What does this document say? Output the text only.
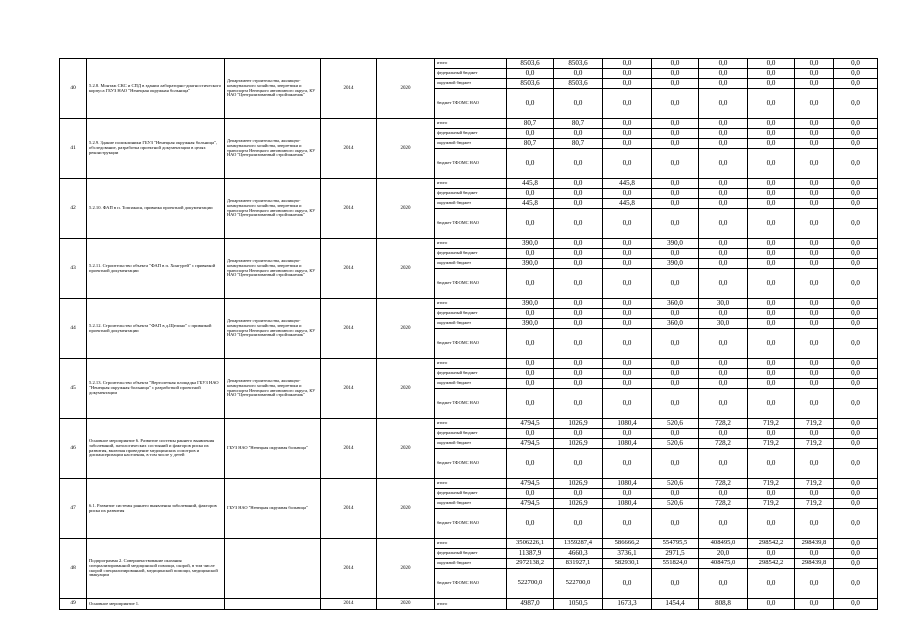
40	5.2.8. Монтаж СКС и СПД в здании лабораторно-диагностического корпуса ГБУЗ НАО "Ненецкая окружная больница"	Департамент строительства, жилищно-коммунального хозяйства, энергетики и транспорта Ненецкого автономного округа, КУ НАО "Централизованный стройзаказчик"	2014	2020	итого	8503,6	8503,6	0,0	0,0	0,0	0,0	0,0	0,0
					федеральный бюджет	0,0	0,0	0,0	0,0	0,0	0,0	0,0	0,0
					окружной бюджет	8503,6	8503,6	0,0	0,0	0,0	0,0	0,0	0,0
					бюджет ТФОМС НАО	0,0	0,0	0,0	0,0	0,0	0,0	0,0	0,0
41	5.2.9. Здание поликлиники ГБУЗ "Ненецкая окружная больница", обследование, разработка проектной документации в целях реконструкции	Департамент строительства, жилищно-коммунального хозяйства, энергетики и транспорта Ненецкого автономного округа, КУ НАО "Централизованный стройзаказчик"	2014	2020	итого	80,7	80,7	0,0	0,0	0,0	0,0	0,0	0,0
					федеральный бюджет	0,0	0,0	0,0	0,0	0,0	0,0	0,0	0,0
					окружной бюджет	80,7	80,7	0,0	0,0	0,0	0,0	0,0	0,0
					бюджет ТФОМС НАО	0,0	0,0	0,0	0,0	0,0	0,0	0,0	0,0
42	5.2.10. ФАП в п. Топпакася, привязка проектной документации	Департамент строительства, жилищно-коммунального хозяйства, энергетики и транспорта Ненецкого автономного округа, КУ НАО "Централизованный стройзаказчик"	2014	2020	итого	445,8	0,0	445,8	0,0	0,0	0,0	0,0	0,0
					федеральный бюджет	0,0	0,0	0,0	0,0	0,0	0,0	0,0	0,0
					окружной бюджет	445,8	0,0	445,8	0,0	0,0	0,0	0,0	0,0
					бюджет ТФОМС НАО	0,0	0,0	0,0	0,0	0,0	0,0	0,0	0,0
43	5.2.11. Строительство объекта "ФАП в п. Хонгурей" с привязкой проектной документации	Департамент строительства, жилищно-коммунального хозяйства, энергетики и транспорта Ненецкого автономного округа, КУ НАО "Централизованный стройзаказчик"	2014	2020	итого	390,0	0,0	0,0	390,0	0,0	0,0	0,0	0,0
					федеральный бюджет	0,0	0,0	0,0	0,0	0,0	0,0	0,0	0,0
					окружной бюджет	390,0	0,0	0,0	390,0	0,0	0,0	0,0	0,0
					бюджет ТФОМС НАО	0,0	0,0	0,0	0,0	0,0	0,0	0,0	0,0
44	5.2.12. Строительство объекта "ФАП в д.Щелино" с привязкой проектной документации	Департамент строительства, жилищно-коммунального хозяйства, энергетики и транспорта Ненецкого автономного округа, КУ НАО "Централизованный стройзаказчик"	2014	2020	итого	390,0	0,0	0,0	360,0	30,0	0,0	0,0	0,0
					федеральный бюджет	0,0	0,0	0,0	0,0	0,0	0,0	0,0	0,0
					окружной бюджет	390,0	0,0	0,0	360,0	30,0	0,0	0,0	0,0
					бюджет ТФОМС НАО	0,0	0,0	0,0	0,0	0,0	0,0	0,0	0,0
45	5.2.13. Строительство объекта "Вертолетная площадка ГБУЗ НАО "Ненецкая окружная больница" с разработкой проектной документации	Департамент строительства, жилищно-коммунального хозяйства, энергетики и транспорта Ненецкого автономного округа, КУ НАО "Централизованный стройзаказчик"	2014	2020	итого	0,0	0,0	0,0	0,0	0,0	0,0	0,0	0,0
					федеральный бюджет	0,0	0,0	0,0	0,0	0,0	0,0	0,0	0,0
					окружной бюджет	0,0	0,0	0,0	0,0	0,0	0,0	0,0	0,0
					бюджет ТФОМС НАО	0,0	0,0	0,0	0,0	0,0	0,0	0,0	0,0
46	Основное мероприятие 6. Развитие системы раннего выявления заболеваний, патологических состояний и факторов риска их развития, включая проведение медицинских осмотров и диспансеризации населения, в том числе у детей	ГБУЗ НАО "Ненецкая окружная больница"	2014	2020	итого	4794,5	1026,9	1080,4	520,6	728,2	719,2	719,2	0,0
					федеральный бюджет	0,0	0,0	0,0	0,0	0,0	0,0	0,0	0,0
					окружной бюджет	4794,5	1026,9	1080,4	520,6	728,2	719,2	719,2	0,0
					бюджет ТФОМС НАО	0,0	0,0	0,0	0,0	0,0	0,0	0,0	0,0
47	6.1. Развитие системы раннего выявления заболеваний, факторов риска их развития	ГБУЗ НАО "Ненецкая окружная больница"	2014	2020	итого	4794,5	1026,9	1080,4	520,6	728,2	719,2	719,2	0,0
					федеральный бюджет	0,0	0,0	0,0	0,0	0,0	0,0	0,0	0,0
					окружной бюджет	4794,5	1026,9	1080,4	520,6	728,2	719,2	719,2	0,0
					бюджет ТФОМС НАО	0,0	0,0	0,0	0,0	0,0	0,0	0,0	0,0
48	Подпрограмма 2. Совершенствование оказания специализированной медицинской помощи, скорой, в том числе скорой специализированной, медицинской помощи, медицинской эвакуации		2014	2020	итого	3506226,1	1359287,4	586666,2	554795,5	408495,0	298542,2	298439,8	0,0
					федеральный бюджет	11387,9	4660,3	3736,1	2971,5	20,0	0,0	0,0	0,0
					окружной бюджет	2972138,2	831927,1	582930,1	551824,0	408475,0	298542,2	298439,8	0,0
					бюджет ТФОМС НАО	522700,0	522700,0	0,0	0,0	0,0	0,0	0,0	0,0
49	Основное мероприятие 1.		2014	2020	итого	4987,0	1050,5	1673,3	1454,4	808,8	0,0	0,0	0,0
